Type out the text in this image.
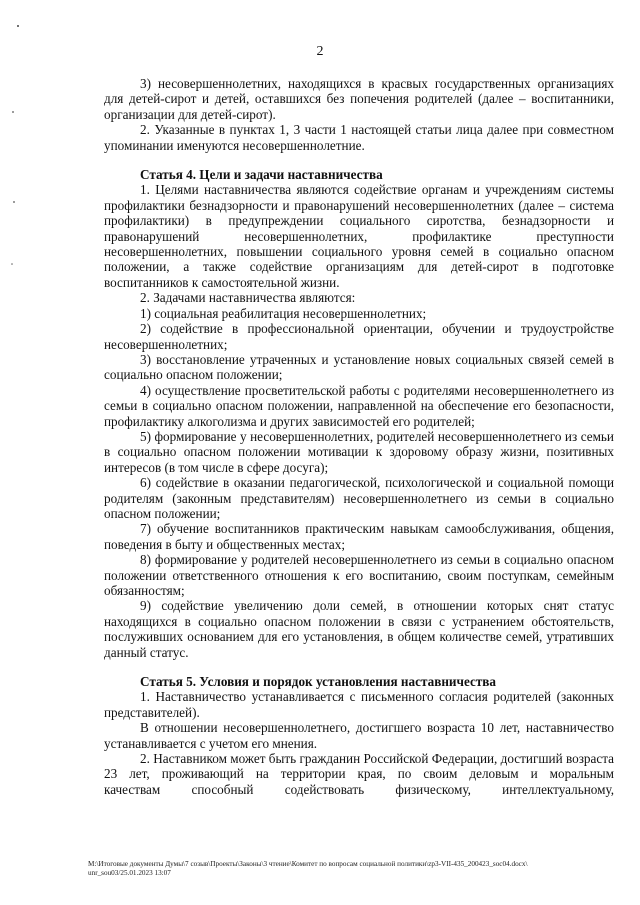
2

3) несовершеннолетних, находящихся в красвых государственных организациях для детей-сирот и детей, оставшихся без попечения родителей (далее – воспитанники, организации для детей-сирот).

2. Указанные в пунктах 1, 3 части 1 настоящей статьи лица далее при совместном упоминании именуются несовершеннолетние.

Статья 4. Цели и задачи наставничества

1. Целями наставничества являются содействие органам и учреждениям системы профилактики безнадзорности и правонарушений несовершеннолетних (далее – система профилактики) в предупреждении социального сиротства, безнадзорности и правонарушений несовершеннолетних, профилактике преступности несовершеннолетних, повышении социального уровня семей в социально опасном положении, а также содействие организациям для детей-сирот в подготовке воспитанников к самостоятельной жизни.

2. Задачами наставничества являются:

1) социальная реабилитация несовершеннолетних;

2) содействие в профессиональной ориентации, обучении и трудоустройстве несовершеннолетних;

3) восстановление утраченных и установление новых социальных связей семей в социально опасном положении;

4) осуществление просветительской работы с родителями несовершеннолетнего из семьи в социально опасном положении, направленной на обеспечение его безопасности, профилактику алкоголизма и других зависимостей его родителей;

5) формирование у несовершеннолетних, родителей несовершеннолетнего из семьи в социально опасном положении мотивации к здоровому образу жизни, позитивных интересов (в том числе в сфере досуга);

6) содействие в оказании педагогической, психологической и социальной помощи родителям (законным представителям) несовершеннолетнего из семьи в социально опасном положении;

7) обучение воспитанников практическим навыкам самообслуживания, общения, поведения в быту и общественных местах;

8) формирование у родителей несовершеннолетнего из семьи в социально опасном положении ответственного отношения к его воспитанию, своим поступкам, семейным обязанностям;

9) содействие увеличению доли семей, в отношении которых снят статус находящихся в социально опасном положении в связи с устранением обстоятельств, послуживших основанием для его установления, в общем количестве семей, утративших данный статус.

Статья 5. Условия и порядок установления наставничества

1. Наставничество устанавливается с письменного согласия родителей (законных представителей).

В отношении несовершеннолетнего, достигшего возраста 10 лет, наставничество устанавливается с учетом его мнения.

2. Наставником может быть гражданин Российской Федерации, достигший возраста 23 лет, проживающий на территории края, по своим деловым и моральным

качествам способный содействовать физическому, интеллектуальному,

М:\Итоговые документы Думы\7 созыв\Проекты\Законы\3 чтение\Комитет по вопросам социальной политики\zp3-VII-435_200423_soc04.docx\
unr_sou03/25.01.2023 13:07
